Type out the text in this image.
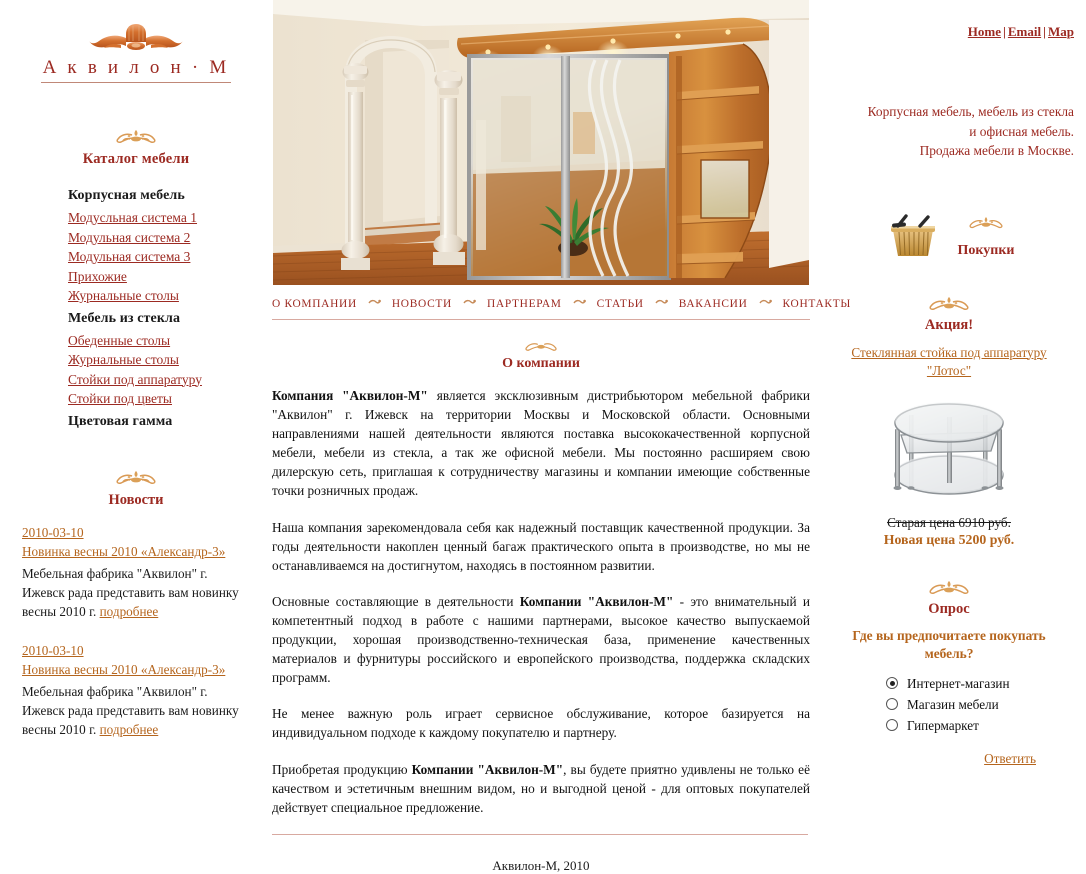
А к в и л о н · М
Каталог мебели
Корпусная мебель
Модусльная система 1
Модульная система 2
Модульная система 3
Прихожие
Журнальные столы
Мебель из стекла
Обеденные столы
Журнальные столы
Стойки под аппаратуру
Стойки под цветы
Цветовая гамма
Новости
2010-03-10
Новинка весны 2010 «Александр-3»
Мебельная фабрика "Аквилон" г. Ижевск рада представить вам новинку весны 2010 г. подробнее
2010-03-10
Новинка весны 2010 «Александр-3»
Мебельная фабрика "Аквилон" г. Ижевск рада представить вам новинку весны 2010 г. подробнее
О КОМПАНИИ	НОВОСТИ	ПАРТНЕРАМ	СТАТЬИ	ВАКАНСИИ	КОНТАКТЫ
О компании

Компания "Аквилон-М" является эксклюзивным дистрибьютором мебельной фабрики "Аквилон" г. Ижевск на территории Москвы и Московской области. Основными направлениями нашей деятельности являются поставка высококачественной корпусной мебели, мебели из стекла, а так же офисной мебели. Мы постоянно расширяем свою дилерскую сеть, приглашая к сотрудничеству магазины и компании имеющие собственные точки розничных продаж.

Наша компания зарекомендовала себя как надежный поставщик качественной продукции. За годы деятельности накоплен ценный багаж практического опыта в производстве, но мы не останавливаемся на достигнутом, находясь в постоянном развитии.

Основные составляющие в деятельности Компании "Аквилон-М" - это внимательный и компетентный подход в работе с нашими партнерами, высокое качество выпускаемой продукции, хорошая производственно-техническая база, применение качественных материалов и фурнитуры российского и европейского производства, поддержка складских программ.

Не менее важную роль играет сервисное обслуживание, которое базируется на индивидуальном подходе к каждому покупателю и партнеру.

Приобретая продукцию Компании "Аквилон-М", вы будете приятно удивлены не только её качеством и эстетичным внешним видом, но и выгодной ценой - для оптовых покупателей действует специальное предложение.

Аквилон-М, 2010
Home | Email | Map
Корпусная мебель, мебель из стекла
и офисная мебель.
Продажа мебели в Москве.
Покупки
Акция!
Стеклянная стойка под аппаратуру
"Лотос"
Старая цена 6910 руб.
Новая цена 5200 руб.
Опрос
Где вы предпочитаете покупать
мебель?
Интернет-магазин
Магазин мебели
Гипермаркет
Ответить
